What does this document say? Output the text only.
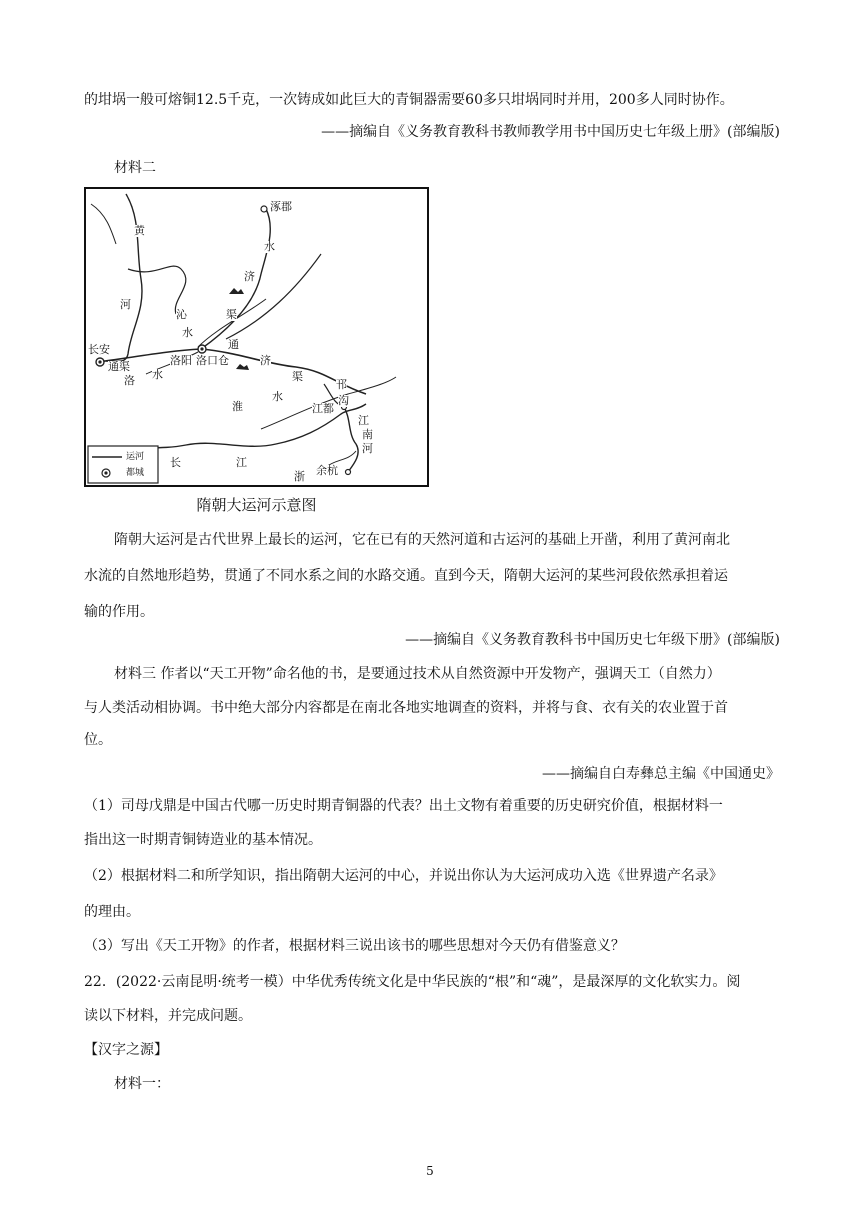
的坩埚一般可熔铜12.5千克，一次铸成如此巨大的青铜器需要60多只坩埚同时并用，200多人同时协作。
——摘编自《义务教育教科书教师教学用书中国历史七年级上册》(部编版)
材料二
涿郡
黄
河
水
济
渠
沁
水
长安
通渠
洛 水
洛阳 洛口仓
通
济
渠
淮
水
邗
沟
江都
江
南
河
余杭
浙
长	江
运河
都城
隋朝大运河示意图
隋朝大运河是古代世界上最长的运河，它在已有的天然河道和古运河的基础上开凿，利用了黄河南北
水流的自然地形趋势，贯通了不同水系之间的水路交通。直到今天，隋朝大运河的某些河段依然承担着运
输的作用。
——摘编自《义务教育教科书中国历史七年级下册》(部编版)
材料三 作者以“天工开物”命名他的书，是要通过技术从自然资源中开发物产，强调天工（自然力）
与人类活动相协调。书中绝大部分内容都是在南北各地实地调查的资料，并将与食、衣有关的农业置于首
位。
——摘编自白寿彝总主编《中国通史》
（1）司母戊鼎是中国古代哪一历史时期青铜器的代表？出土文物有着重要的历史研究价值，根据材料一
指出这一时期青铜铸造业的基本情况。
（2）根据材料二和所学知识，指出隋朝大运河的中心，并说出你认为大运河成功入选《世界遗产名录》
的理由。
（3）写出《天工开物》的作者，根据材料三说出该书的哪些思想对今天仍有借鉴意义？
22．(2022·云南昆明·统考一模）中华优秀传统文化是中华民族的“根”和“魂”，是最深厚的文化软实力。阅
读以下材料，并完成问题。
【汉字之源】
材料一：
5
